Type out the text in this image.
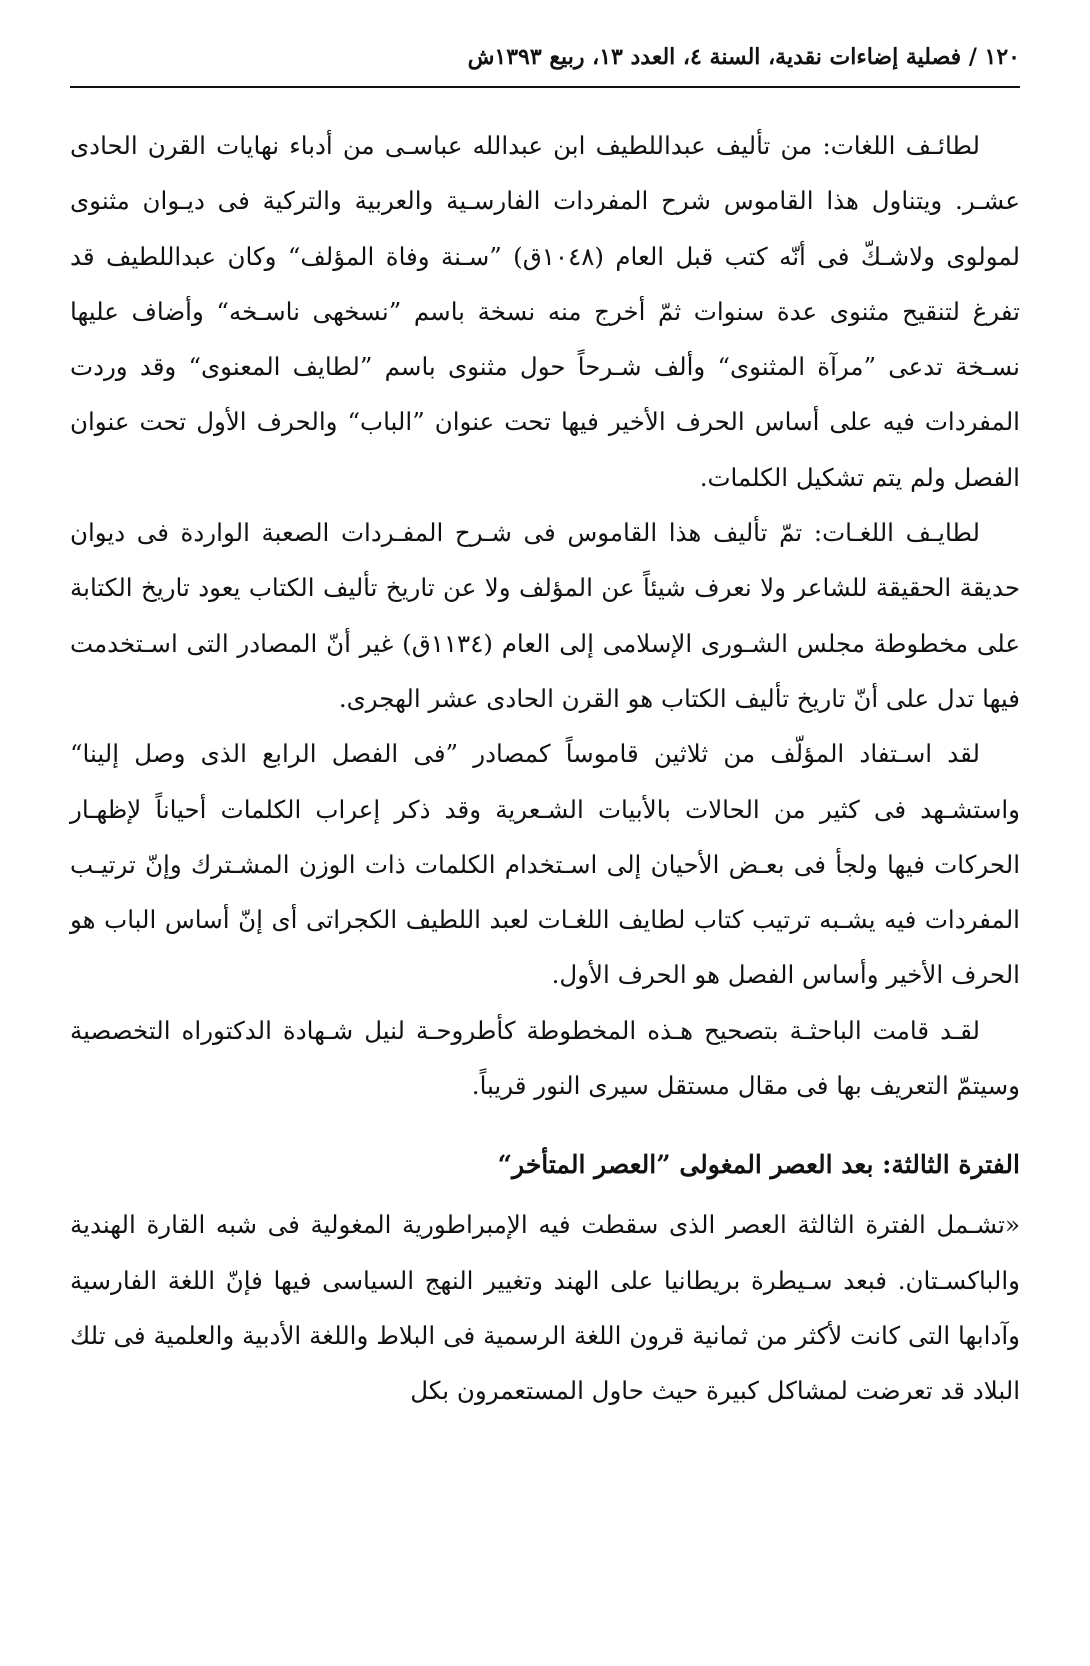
١٢٠ / فصلية إضاءات نقدية، السنة ٤، العدد ١٣، ربيع ١٣٩٣ش

لطائـف اللغات: من تأليف عبداللطيف ابن عبدالله عباسـى من أدباء نهايات القرن الحادى عشـر. ويتناول هذا القاموس شرح المفردات الفارسـية والعربية والتركية فى ديـوان مثنوى لمولوى ولاشـكّ فى أنّه كتب قبل العام (١٠٤٨ق) ”سـنة وفاة المؤلف“ وكان عبداللطيف قد تفرغ لتنقيح مثنوى عدة سنوات ثمّ أخرج منه نسخة باسم ”نسخهى ناسـخه“ وأضاف عليها نسـخة تدعى ”مرآة المثنوى“ وألف شـرحاً حول مثنوى باسم ”لطايف المعنوى“ وقد وردت المفردات فيه على أساس الحرف الأخير فيها تحت عنوان ”الباب“ والحرف الأول تحت عنوان الفصل ولم يتم تشكيل الكلمات.

لطايـف اللغـات: تمّ تأليف هذا القاموس فى شـرح المفـردات الصعبة الواردة فى ديوان حديقة الحقيقة للشاعر ولا نعرف شيئاً عن المؤلف ولا عن تاريخ تأليف الكتاب يعود تاريخ الكتابة على مخطوطة مجلس الشـورى الإسلامى إلى العام (١١٣٤ق) غير أنّ المصادر التى اسـتخدمت فيها تدل على أنّ تاريخ تأليف الكتاب هو القرن الحادى عشر الهجرى.

لقد اسـتفاد المؤلّف من ثلاثين قاموساً كمصادر ”فى الفصل الرابع الذى وصل إلينا“ واستشـهد فى كثير من الحالات بالأبيات الشـعرية وقد ذكر إعراب الكلمات أحياناً لإظهـار الحركات فيها ولجأ فى بعـض الأحيان إلى اسـتخدام الكلمات ذات الوزن المشـترك وإنّ ترتيـب المفردات فيه يشـبه ترتيب كتاب لطايف اللغـات لعبد اللطيف الكجراتى أى إنّ أساس الباب هو الحرف الأخير وأساس الفصل هو الحرف الأول.

لقـد قامت الباحثـة بتصحيح هـذه المخطوطة كأطروحـة لنيل شـهادة الدكتوراه التخصصية وسيتمّ التعريف بها فى مقال مستقل سيرى النور قريباً.

الفترة الثالثة: بعد العصر المغولى ”العصر المتأخر“

«تشـمل الفترة الثالثة العصر الذى سقطت فيه الإمبراطورية المغولية فى شبه القارة الهندية والباكسـتان. فبعد سـيطرة بريطانيا على الهند وتغيير النهج السياسى فيها فإنّ اللغة الفارسية وآدابها التى كانت لأكثر من ثمانية قرون اللغة الرسمية فى البلاط واللغة الأدبية والعلمية فى تلك البلاد قد تعرضت لمشاكل كبيرة حيث حاول المستعمرون بكل
